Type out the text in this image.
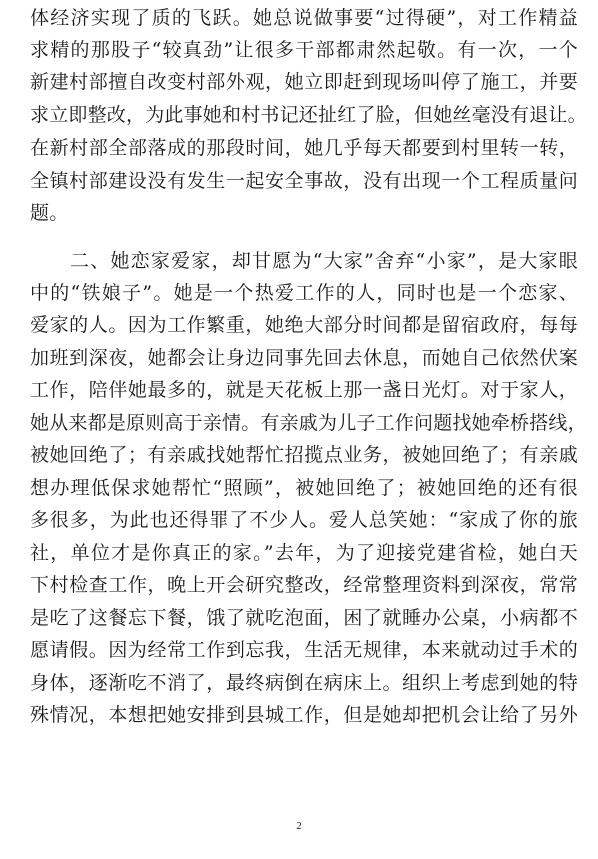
体经济实现了质的飞跃。她总说做事要“过得硬”，对工作精益
求精的那股子“较真劲”让很多干部都肃然起敬。有一次，一个
新建村部擅自改变村部外观，她立即赶到现场叫停了施工，并要
求立即整改，为此事她和村书记还扯红了脸，但她丝毫没有退让。
在新村部全部落成的那段时间，她几乎每天都要到村里转一转，
全镇村部建设没有发生一起安全事故，没有出现一个工程质量问
题。
二、她恋家爱家，却甘愿为“大家”舍弃“小家”，是大家眼
中的“铁娘子”。她是一个热爱工作的人，同时也是一个恋家、
爱家的人。因为工作繁重，她绝大部分时间都是留宿政府，每每
加班到深夜，她都会让身边同事先回去休息，而她自己依然伏案
工作，陪伴她最多的，就是天花板上那一盏日光灯。对于家人，
她从来都是原则高于亲情。有亲戚为儿子工作问题找她牵桥搭线，
被她回绝了；有亲戚找她帮忙招揽点业务，被她回绝了；有亲戚
想办理低保求她帮忙“照顾”，被她回绝了；被她回绝的还有很
多很多，为此也还得罪了不少人。爱人总笑她：“家成了你的旅
社，单位才是你真正的家。”去年，为了迎接党建省检，她白天
下村检查工作，晚上开会研究整改，经常整理资料到深夜，常常
是吃了这餐忘下餐，饿了就吃泡面，困了就睡办公桌，小病都不
愿请假。因为经常工作到忘我，生活无规律，本来就动过手术的
身体，逐渐吃不消了，最终病倒在病床上。组织上考虑到她的特
殊情况，本想把她安排到县城工作，但是她却把机会让给了另外
2
